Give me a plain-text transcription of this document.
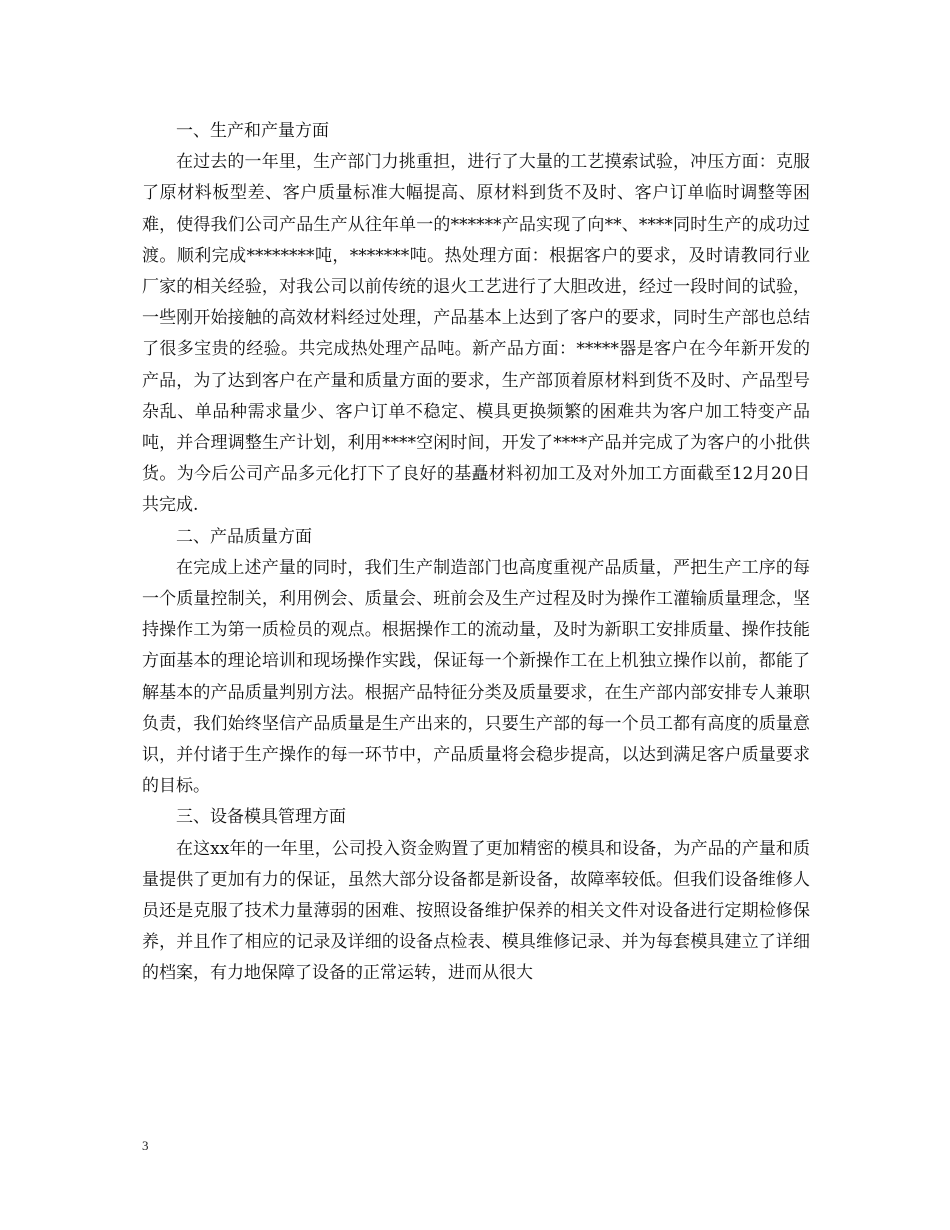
一、生产和产量方面

在过去的一年里，生产部门力挑重担，进行了大量的工艺摸索试验，冲压方面：克服了原材料板型差、客户质量标准大幅提高、原材料到货不及时、客户订单临时调整等困难，使得我们公司产品生产从往年单一的******产品实现了向**、****同时生产的成功过渡。顺利完成********吨，*******吨。热处理方面：根据客户的要求，及时请教同行业厂家的相关经验，对我公司以前传统的退火工艺进行了大胆改进，经过一段时间的试验，一些刚开始接触的高效材料经过处理，产品基本上达到了客户的要求，同时生产部也总结了很多宝贵的经验。共完成热处理产品吨。新产品方面：*****器是客户在今年新开发的产品，为了达到客户在产量和质量方面的要求，生产部顶着原材料到货不及时、产品型号杂乱、单品种需求量少、客户订单不稳定、模具更换频繁的困难共为客户加工特变产品吨，并合理调整生产计划，利用****空闲时间，开发了****产品并完成了为客户的小批供货。为今后公司产品多元化打下了良好的基矗材料初加工及对外加工方面截至12月20日共完成.

二、产品质量方面

在完成上述产量的同时，我们生产制造部门也高度重视产品质量，严把生产工序的每一个质量控制关，利用例会、质量会、班前会及生产过程及时为操作工灌输质量理念，坚持操作工为第一质检员的观点。根据操作工的流动量，及时为新职工安排质量、操作技能方面基本的理论培训和现场操作实践，保证每一个新操作工在上机独立操作以前，都能了解基本的产品质量判别方法。根据产品特征分类及质量要求，在生产部内部安排专人兼职负责，我们始终坚信产品质量是生产出来的，只要生产部的每一个员工都有高度的质量意识，并付诸于生产操作的每一环节中，产品质量将会稳步提高，以达到满足客户质量要求的目标。

三、设备模具管理方面

在这xx年的一年里，公司投入资金购置了更加精密的模具和设备，为产品的产量和质量提供了更加有力的保证，虽然大部分设备都是新设备，故障率较低。但我们设备维修人员还是克服了技术力量薄弱的困难、按照设备维护保养的相关文件对设备进行定期检修保养，并且作了相应的记录及详细的设备点检表、模具维修记录、并为每套模具建立了详细的档案，有力地保障了设备的正常运转，进而从很大

3
